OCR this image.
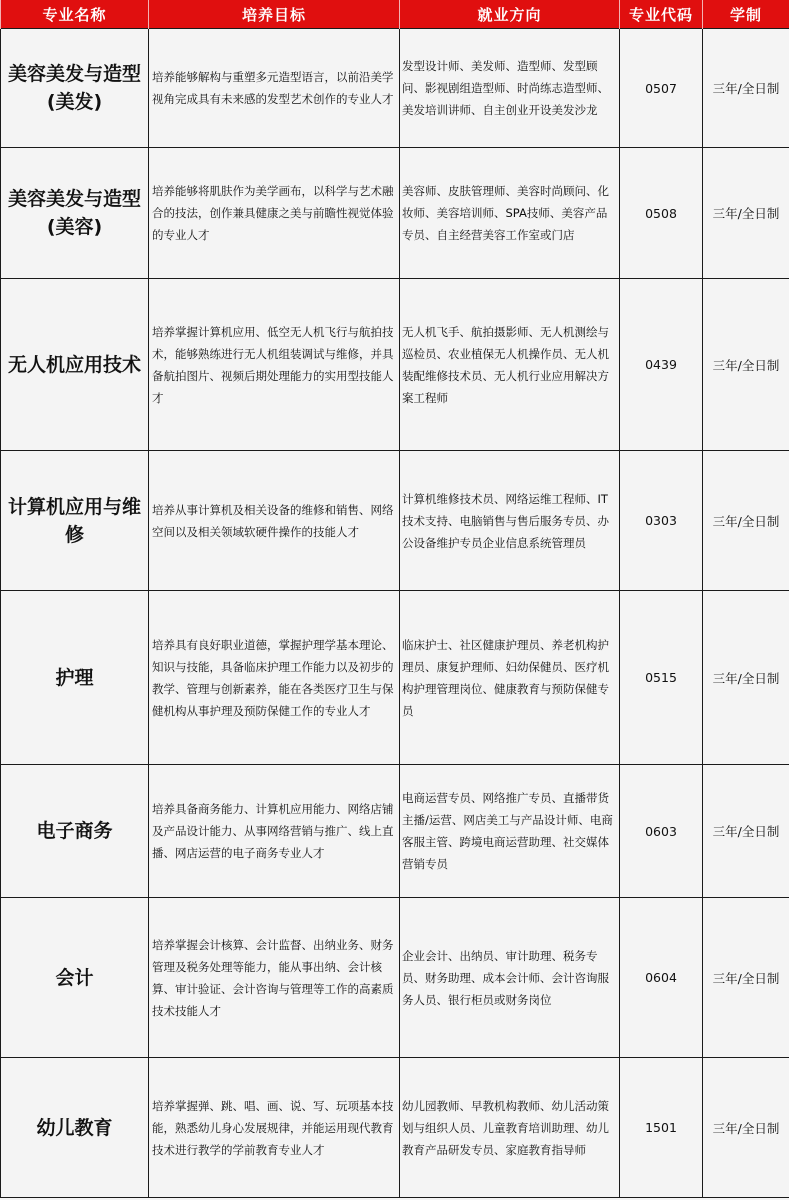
专业名称	培养目标	就业方向	专业代码	学制
美容美发与造型(美发)	培养能够解构与重塑多元造型语言，以前沿美学视角完成具有未来感的发型艺术创作的专业人才	发型设计师、美发师、造型师、发型顾问、影视剧组造型师、时尚练志造型师、美发培训讲师、自主创业开设美发沙龙	0507	三年/全日制
美容美发与造型(美容)	培养能够将肌肤作为美学画布，以科学与艺术融合的技法，创作兼具健康之美与前瞻性视觉体验的专业人才	美容师、皮肤管理师、美容时尚顾问、化妆师、美容培训师、SPA技师、美容产品专员、自主经营美容工作室或门店	0508	三年/全日制
无人机应用技术	培养掌握计算机应用、低空无人机飞行与航拍技术，能够熟练进行无人机组装调试与维修，并具备航拍图片、视频后期处理能力的实用型技能人才	无人机飞手、航拍摄影师、无人机测绘与巡检员、农业植保无人机操作员、无人机装配维修技术员、无人机行业应用解决方案工程师	0439	三年/全日制
计算机应用与维修	培养从事计算机及相关设备的维修和销售、网络空间以及相关领域软硬件操作的技能人才	计算机维修技术员、网络运维工程师、IT技术支持、电脑销售与售后服务专员、办公设备维护专员企业信息系统管理员	0303	三年/全日制
护理	培养具有良好职业道德，掌握护理学基本理论、知识与技能，具备临床护理工作能力以及初步的教学、管理与创新素养，能在各类医疗卫生与保健机构从事护理及预防保健工作的专业人才	临床护士、社区健康护理员、养老机构护理员、康复护理师、妇幼保健员、医疗机构护理管理岗位、健康教育与预防保健专员	0515	三年/全日制
电子商务	培养具备商务能力、计算机应用能力、网络店铺及产品设计能力、从事网络营销与推广、线上直播、网店运营的电子商务专业人才	电商运营专员、网络推广专员、直播带货主播/运营、网店美工与产品设计师、电商客服主管、跨境电商运营助理、社交媒体营销专员	0603	三年/全日制
会计	培养掌握会计核算、会计监督、出纳业务、财务管理及税务处理等能力，能从事出纳、会计核算、审计验证、会计咨询与管理等工作的高素质技术技能人才	企业会计、出纳员、审计助理、税务专员、财务助理、成本会计师、会计咨询服务人员、银行柜员或财务岗位	0604	三年/全日制
幼儿教育	培养掌握弹、跳、唱、画、说、写、玩项基本技能，熟悉幼儿身心发展规律，并能运用现代教育技术进行教学的学前教育专业人才	幼儿园教师、早教机构教师、幼儿活动策划与组织人员、儿童教育培训助理、幼儿教育产品研发专员、家庭教育指导师	1501	三年/全日制
